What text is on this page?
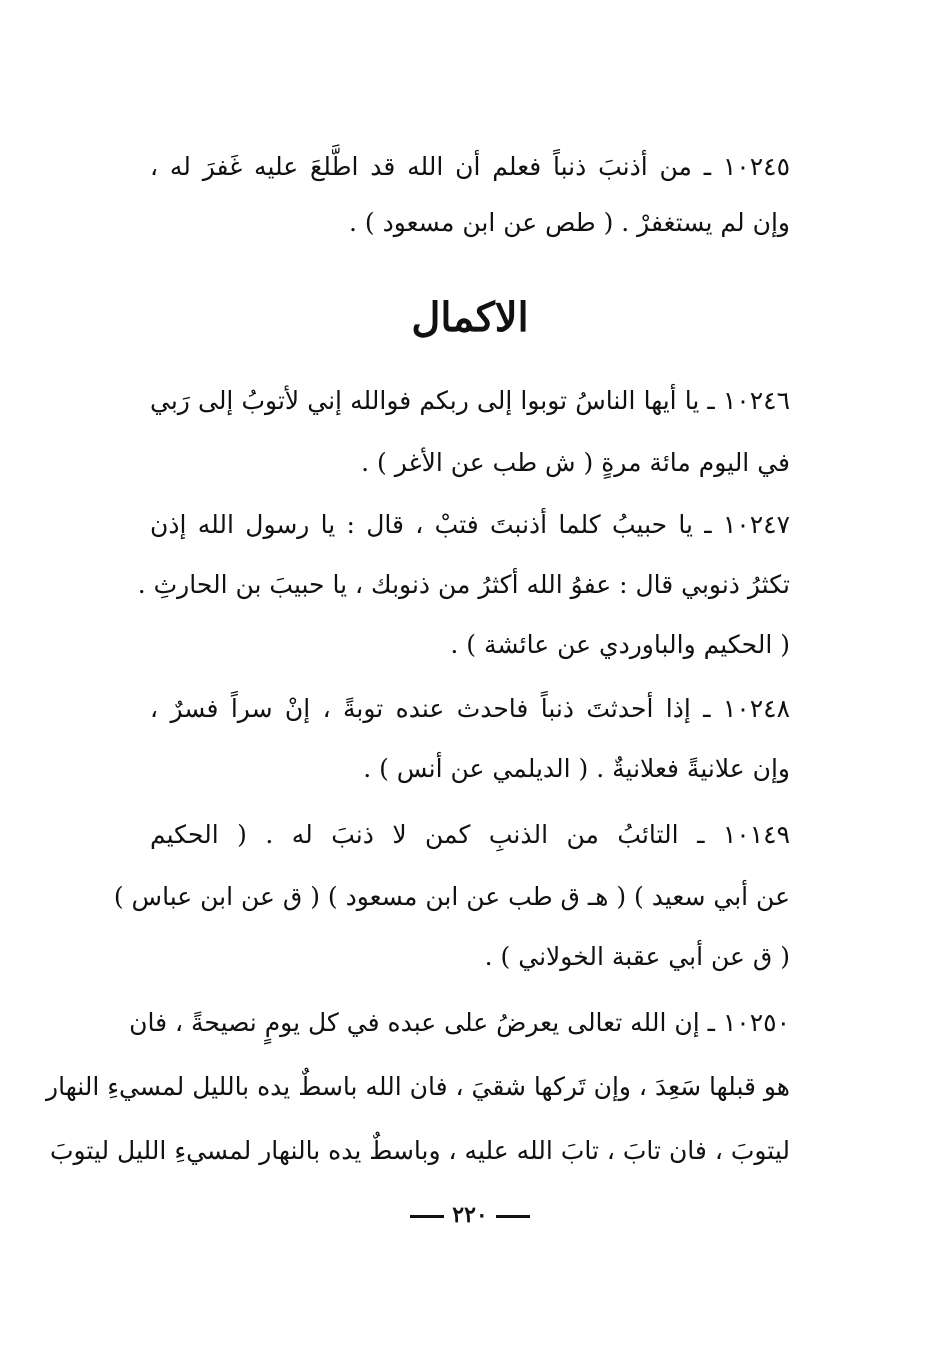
١٠٢٤٥ ـ من أذنبَ ذنباً فعلم أن الله قد اطَّلعَ عليه غَفرَ له ،
وإن لم يستغفرْ . ( طص عن ابن مسعود ) .
الاكمال
١٠٢٤٦ ـ يا أيها الناسُ توبوا إلى ربكم فوالله إني لأتوبُ إلى رَبي
في اليوم مائة مرةٍ ( ش طب عن الأغر ) .
١٠٢٤٧ ـ يا حبيبُ كلما أذنبتَ فتبْ ، قال : يا رسول الله إذن
تكثرُ ذنوبي قال : عفوُ الله أكثرُ من ذنوبك ، يا حبيبَ بن الحارثِ .
( الحكيم والباوردي عن عائشة ) .
١٠٢٤٨ ـ إذا أحدثتَ ذنباً فاحدث عنده توبةً ، إنْ سراً فسرٌ ،
وإن علانيةً فعلانيةٌ . ( الديلمي عن أنس ) .
١٠١٤٩ ـ التائبُ من الذنبِ كمن لا ذنبَ له . ( الحكيم
عن أبي سعيد ) ( هـ ق طب عن ابن مسعود ) ( ق عن ابن عباس )
( ق عن أبي عقبة الخولاني ) .
١٠٢٥٠ ـ إن الله تعالى يعرضُ على عبده في كل يومٍ نصيحةً ، فان
هو قبلها سَعِدَ ، وإن تَركها شقيَ ، فان الله باسطٌ يده بالليل لمسيءِ النهار
ليتوبَ ، فان تابَ ، تابَ الله عليه ، وباسطٌ يده بالنهار لمسيءِ الليل ليتوبَ
٢٢٠
